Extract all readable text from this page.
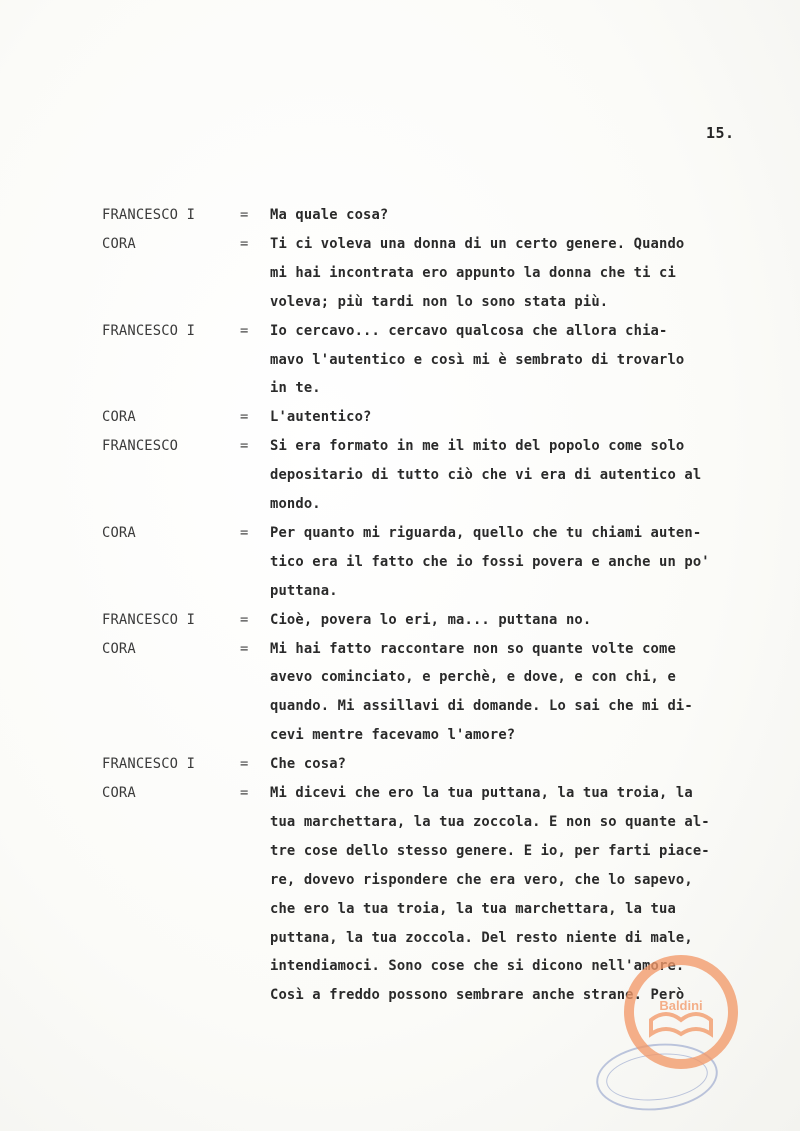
15.
FRANCESCO I	= Ma quale cosa?
CORA	= Ti ci voleva una donna di un certo genere. Quando
mi hai incontrata ero appunto la donna che ti ci
voleva; più tardi non lo sono stata più.
FRANCESCO I	= Io cercavo... cercavo qualcosa che allora chia-
mavo l'autentico e così mi è sembrato di trovarlo
in te.
CORA	= L'autentico?
FRANCESCO	= Si era formato in me il mito del popolo come solo
depositario di tutto ciò che vi era di autentico al
mondo.
CORA	= Per quanto mi riguarda, quello che tu chiami auten-
tico era il fatto che io fossi povera e anche un po'
puttana.
FRANCESCO I	= Cioè, povera lo eri, ma... puttana no.
CORA	= Mi hai fatto raccontare non so quante volte come
avevo cominciato, e perchè, e dove, e con chi, e
quando. Mi assillavi di domande. Lo sai che mi di-
cevi mentre facevamo l'amore?
FRANCESCO I	= Che cosa?
CORA	= Mi dicevi che ero la tua puttana, la tua troia, la
tua marchettara, la tua zoccola. E non so quante al-
tre cose dello stesso genere. E io, per farti piace-
re, dovevo rispondere che era vero, che lo sapevo,
che ero la tua troia, la tua marchettara, la tua
puttana, la tua zoccola. Del resto niente di male,
intendiamoci. Sono cose che si dicono nell'amore.
Così a freddo possono sembrare anche strane. Però
Baldini
